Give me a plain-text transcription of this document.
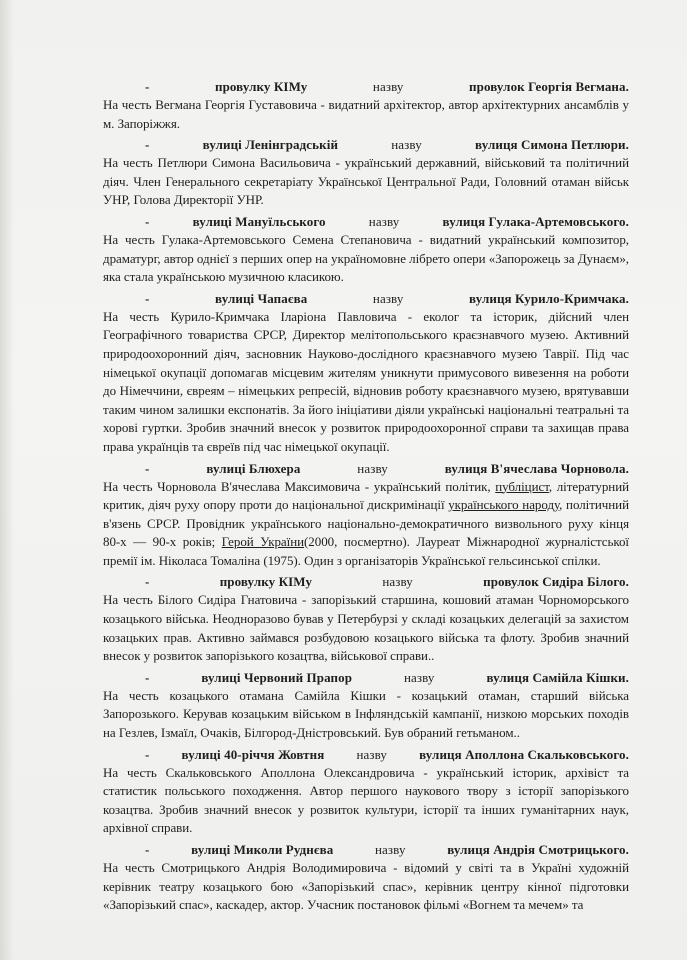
-	провулку КІМу	назву	провулок Георгія Вегмана.
На честь Вегмана Георгія Густавовича - видатний архітектор, автор архітектурних ансамблів у м. Запоріжжя.
-	вулиці Ленінградській	назву	вулиця Симона Петлюри.
На честь Петлюри Симона Васильовича - український державний, військовий та політичний діяч. Член Генерального секретаріату Української Центральної Ради, Головний отаман військ УНР, Голова Директорії УНР.
-	вулиці Мануїльського	назву	вулиця Гулака-Артемовського.
На честь Гулака-Артемовського Семена Степановича - видатний український композитор, драматург, автор однієї з перших опер на україномовне лібрето опери «Запорожець за Дунаєм», яка стала українською музичною класикою.
-	вулиці Чапаєва	назву	вулиця Курило-Кримчака.
На честь Курило-Кримчака Іларіона Павловича - еколог та історик, дійсний член Географічного товариства СРСР, Директор мелітопольського краєзнавчого музею. Активний природоохоронний діяч, засновник Науково-дослідного краєзнавчого музею Таврії. Під час німецької окупації допомагав місцевим жителям уникнути примусового вивезення на роботи до Німеччини, євреям – німецьких репресій, відновив роботу краєзнавчого музею, врятувавши таким чином залишки експонатів. За його ініціативи діяли українські національні театральні та хорові гуртки. Зробив значний внесок у розвиток природоохоронної справи та захищав права права українців та євреїв під час німецької окупації.
-	вулиці Блюхера	назву	вулиця В'ячеслава Чорновола.
На честь Чорновола В'ячеслава Максимовича - український політик, публіцист, літературний критик, діяч руху опору проти до національної дискримінації українського народу, політичний в'язень СРСР. Провідник українського національно-демократичного визвольного руху кінця 80-х — 90-х років; Герой України(2000, посмертно). Лауреат Міжнародної журналістської премії ім. Ніколаса Томаліна (1975). Один з організаторів Української гельсинської спілки.
-	провулку КІМу	назву	провулок Сидіра Білого.
На честь Білого Сидіра Гнатовича - запорізький старшина, кошовий атаман Чорноморського козацького війська. Неодноразово бував у Петербурзі у складі козацьких делегацій за захистом козацьких прав. Активно займався розбудовою козацького війська та флоту. Зробив значний внесок у розвиток запорізького козацтва, військової справи..
-	вулиці Червоний Прапор	назву	вулиця Самійла Кішки.
На честь козацького отамана Самійла Кішки - козацький отаман, старший війська Запорозького. Керував козацьким військом в Інфляндській кампанії, низкою морських походів на Гезлев, Ізмаїл, Очаків, Білгород-Дністровський. Був обраний гетьманом..
- вулиці 40-річчя Жовтня назву вулиця Аполлона Скальковського.
На честь Скальковського Аполлона Олександровича - український історик, архівіст та статистик польського походження. Автор першого наукового твору з історії запорізького козацтва. Зробив значний внесок у розвиток культури, історії та інших гуманітарних наук, архівної справи.
-	вулиці Миколи Руднєва	назву	вулиця Андрія Смотрицького.
На честь Смотрицького Андрія Володимировича - відомий у світі та в Україні художній керівник театру козацького бою «Запорізький спас», керівник центру кінної підготовки «Запорізький спас», каскадер, актор. Учасник постановок фільмі «Вогнем та мечем» та
